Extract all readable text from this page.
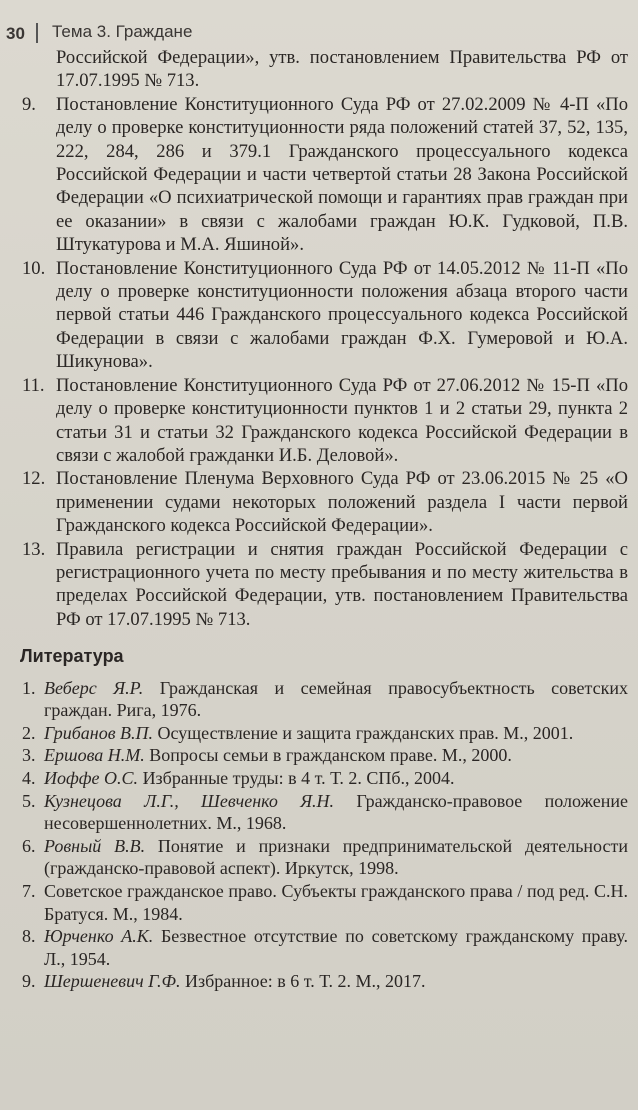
30 Тема 3. Граждане
Российской Федерации», утв. постановлением Правительства РФ от 17.07.1995 № 713.
9. Постановление Конституционного Суда РФ от 27.02.2009 № 4-П «По делу о проверке конституционности ряда положений статей 37, 52, 135, 222, 284, 286 и 379.1 Гражданского процессуального кодекса Российской Федерации и части четвертой статьи 28 Закона Российской Федерации «О психиатрической помощи и гарантиях прав граждан при ее оказании» в связи с жалобами граждан Ю.К. Гудковой, П.В. Штукатурова и М.А. Яшиной».
10. Постановление Конституционного Суда РФ от 14.05.2012 № 11-П «По делу о проверке конституционности положения абзаца второго части первой статьи 446 Гражданского процессуального кодекса Российской Федерации в связи с жалобами граждан Ф.Х. Гумеровой и Ю.А. Шикунова».
11. Постановление Конституционного Суда РФ от 27.06.2012 № 15-П «По делу о проверке конституционности пунктов 1 и 2 статьи 29, пункта 2 статьи 31 и статьи 32 Гражданского кодекса Российской Федерации в связи с жалобой гражданки И.Б. Деловой».
12. Постановление Пленума Верховного Суда РФ от 23.06.2015 № 25 «О применении судами некоторых положений раздела I части первой Гражданского кодекса Российской Федерации».
13. Правила регистрации и снятия граждан Российской Федерации с регистрационного учета по месту пребывания и по месту жительства в пределах Российской Федерации, утв. постановлением Правительства РФ от 17.07.1995 № 713.
Литература
1. Веберс Я.Р. Гражданская и семейная правосубъектность советских граждан. Рига, 1976.
2. Грибанов В.П. Осуществление и защита гражданских прав. М., 2001.
3. Ершова Н.М. Вопросы семьи в гражданском праве. М., 2000.
4. Иоффе О.С. Избранные труды: в 4 т. Т. 2. СПб., 2004.
5. Кузнецова Л.Г., Шевченко Я.Н. Гражданско-правовое положение несовершеннолетних. М., 1968.
6. Ровный В.В. Понятие и признаки предпринимательской деятельности (гражданско-правовой аспект). Иркутск, 1998.
7. Советское гражданское право. Субъекты гражданского права / под ред. С.Н. Братуся. М., 1984.
8. Юрченко А.К. Безвестное отсутствие по советскому гражданскому праву. Л., 1954.
9. Шершеневич Г.Ф. Избранное: в 6 т. Т. 2. М., 2017.
